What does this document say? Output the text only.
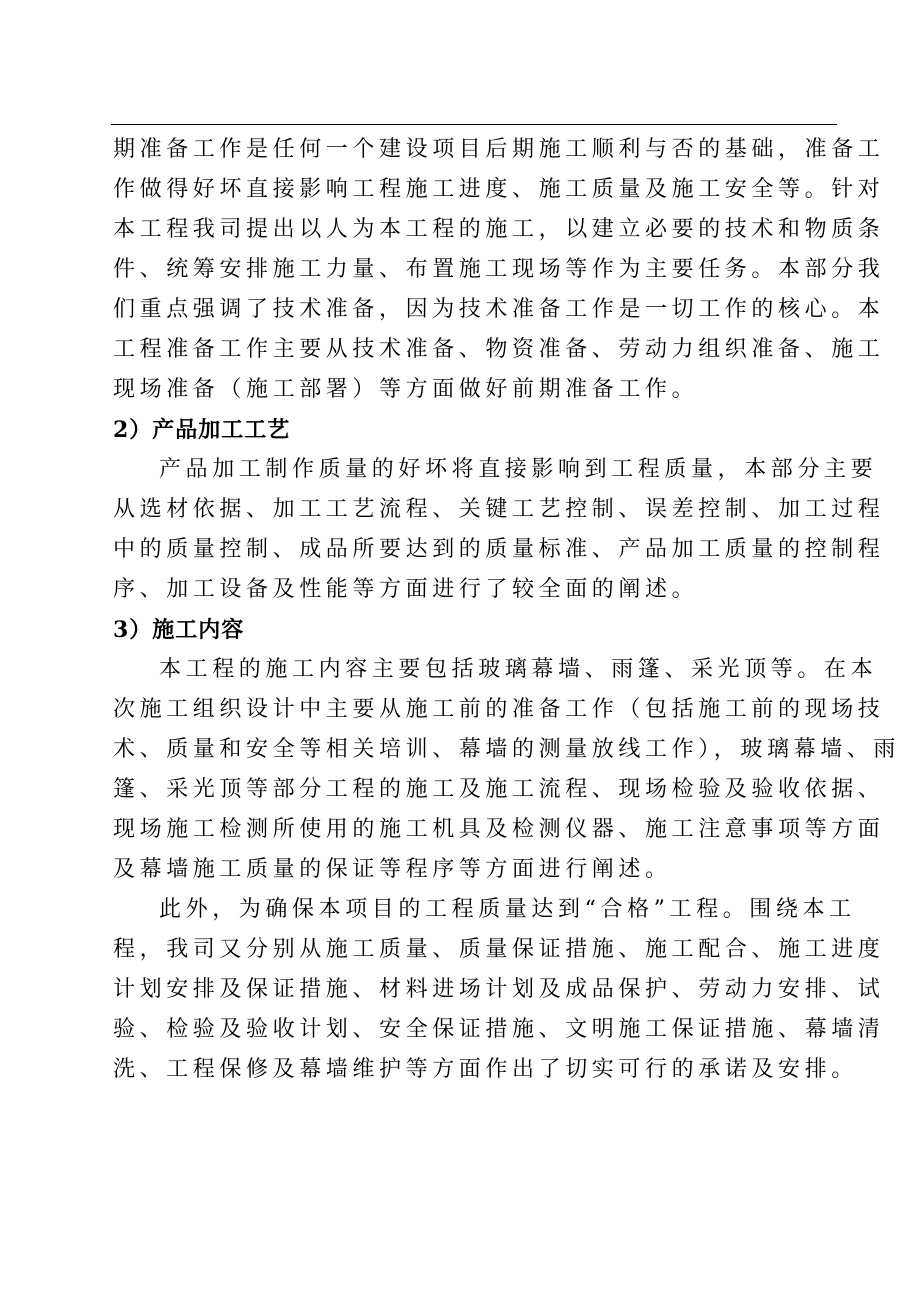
期准备工作是任何一个建设项目后期施工顺利与否的基础，准备工
作做得好坏直接影响工程施工进度、施工质量及施工安全等。针对
本工程我司提出以人为本工程的施工，以建立必要的技术和物质条
件、统筹安排施工力量、布置施工现场等作为主要任务。本部分我
们重点强调了技术准备，因为技术准备工作是一切工作的核心。本
工程准备工作主要从技术准备、物资准备、劳动力组织准备、施工
现场准备（施工部署）等方面做好前期准备工作。
2）产品加工工艺
产品加工制作质量的好坏将直接影响到工程质量，本部分主要
从选材依据、加工工艺流程、关键工艺控制、误差控制、加工过程
中的质量控制、成品所要达到的质量标准、产品加工质量的控制程
序、加工设备及性能等方面进行了较全面的阐述。
3）施工内容
本工程的施工内容主要包括玻璃幕墙、雨篷、采光顶等。在本
次施工组织设计中主要从施工前的准备工作（包括施工前的现场技
术、质量和安全等相关培训、幕墙的测量放线工作），玻璃幕墙、雨
篷、采光顶等部分工程的施工及施工流程、现场检验及验收依据、
现场施工检测所使用的施工机具及检测仪器、施工注意事项等方面
及幕墙施工质量的保证等程序等方面进行阐述。
此外，为确保本项目的工程质量达到“合格”工程。围绕本工
程，我司又分别从施工质量、质量保证措施、施工配合、施工进度
计划安排及保证措施、材料进场计划及成品保护、劳动力安排、试
验、检验及验收计划、安全保证措施、文明施工保证措施、幕墙清
洗、工程保修及幕墙维护等方面作出了切实可行的承诺及安排。
